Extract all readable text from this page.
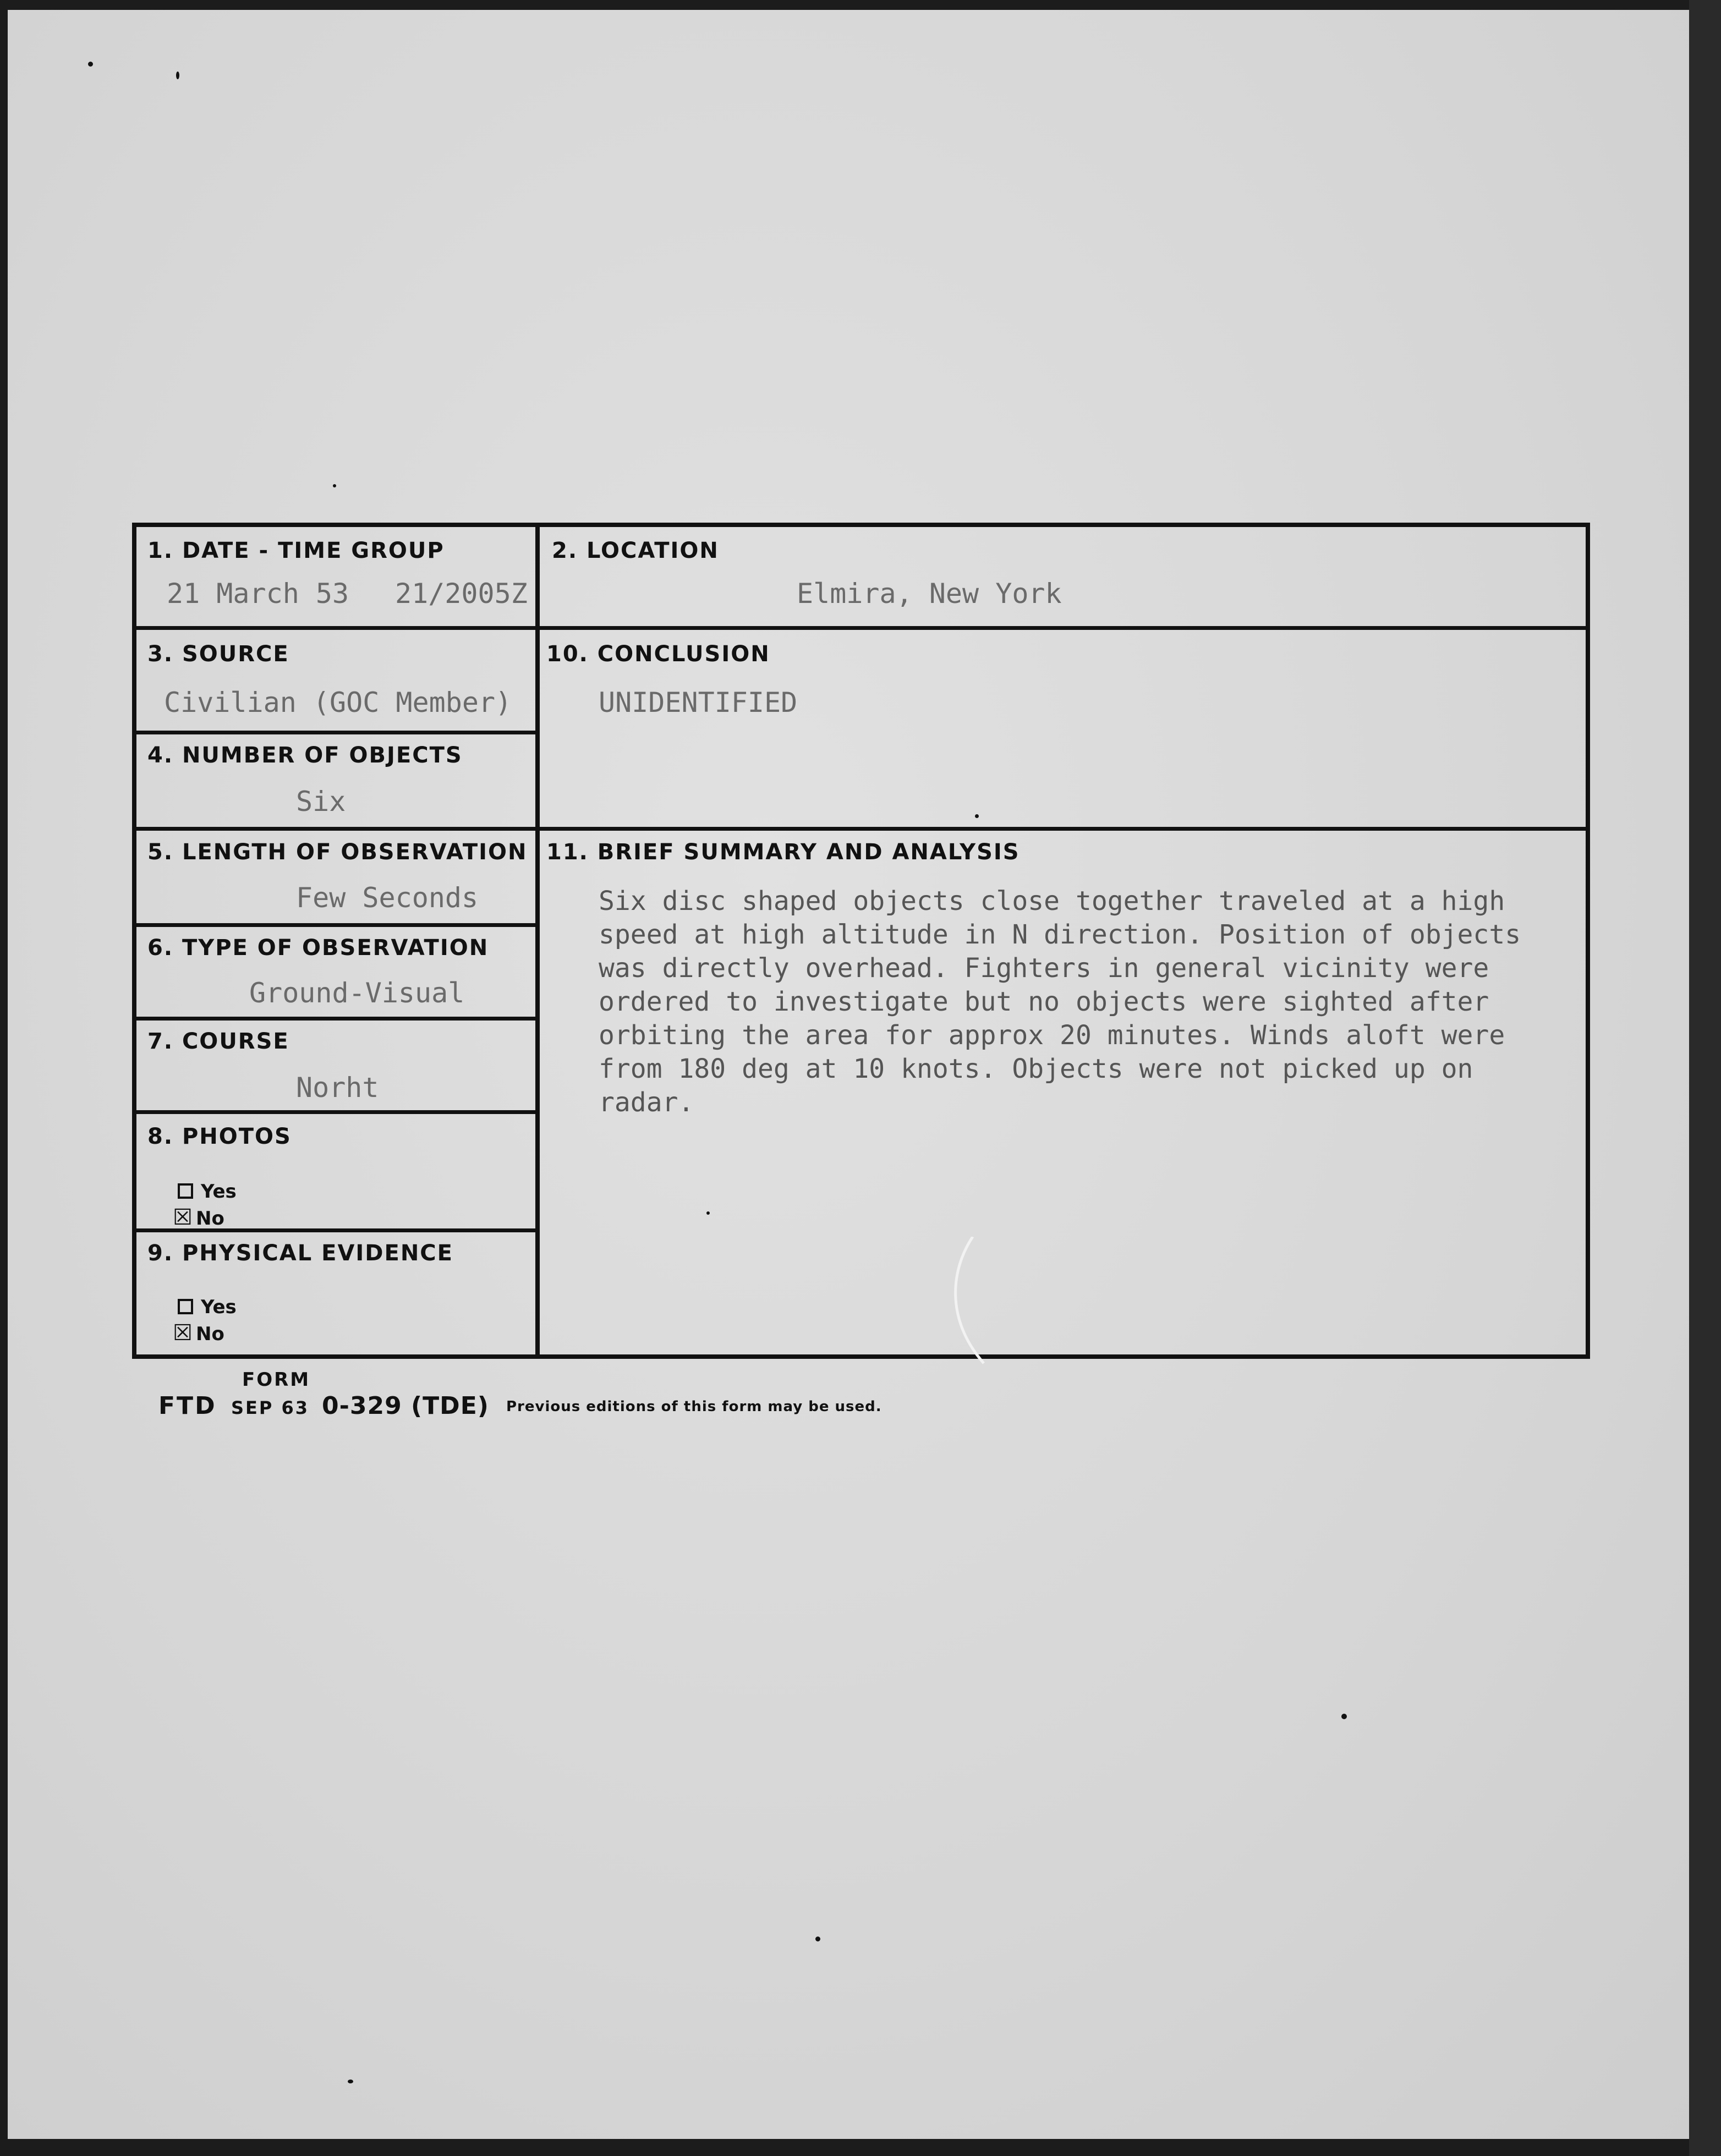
1. DATE - TIME GROUP
21 March 53 21/2005Z
2. LOCATION
Elmira, New York
3. SOURCE
Civilian (GOC Member)
10. CONCLUSION
UNIDENTIFIED
4. NUMBER OF OBJECTS
Six
5. LENGTH OF OBSERVATION
Few Seconds
11. BRIEF SUMMARY AND ANALYSIS
Six disc shaped objects close together traveled at a high
speed at high altitude in N direction. Position of objects
was directly overhead. Fighters in general vicinity were
ordered to investigate but no objects were sighted after
orbiting the area for approx 20 minutes. Winds aloft were
from 180 deg at 10 knots. Objects were not picked up on
radar.
6. TYPE OF OBSERVATION
Ground-Visual
7. COURSE
Norht
8. PHOTOS
Yes
☒ No
9. PHYSICAL EVIDENCE
Yes
☒ No
FORM
FTD SEP 63 0-329 (TDE) Previous editions of this form may be used.
